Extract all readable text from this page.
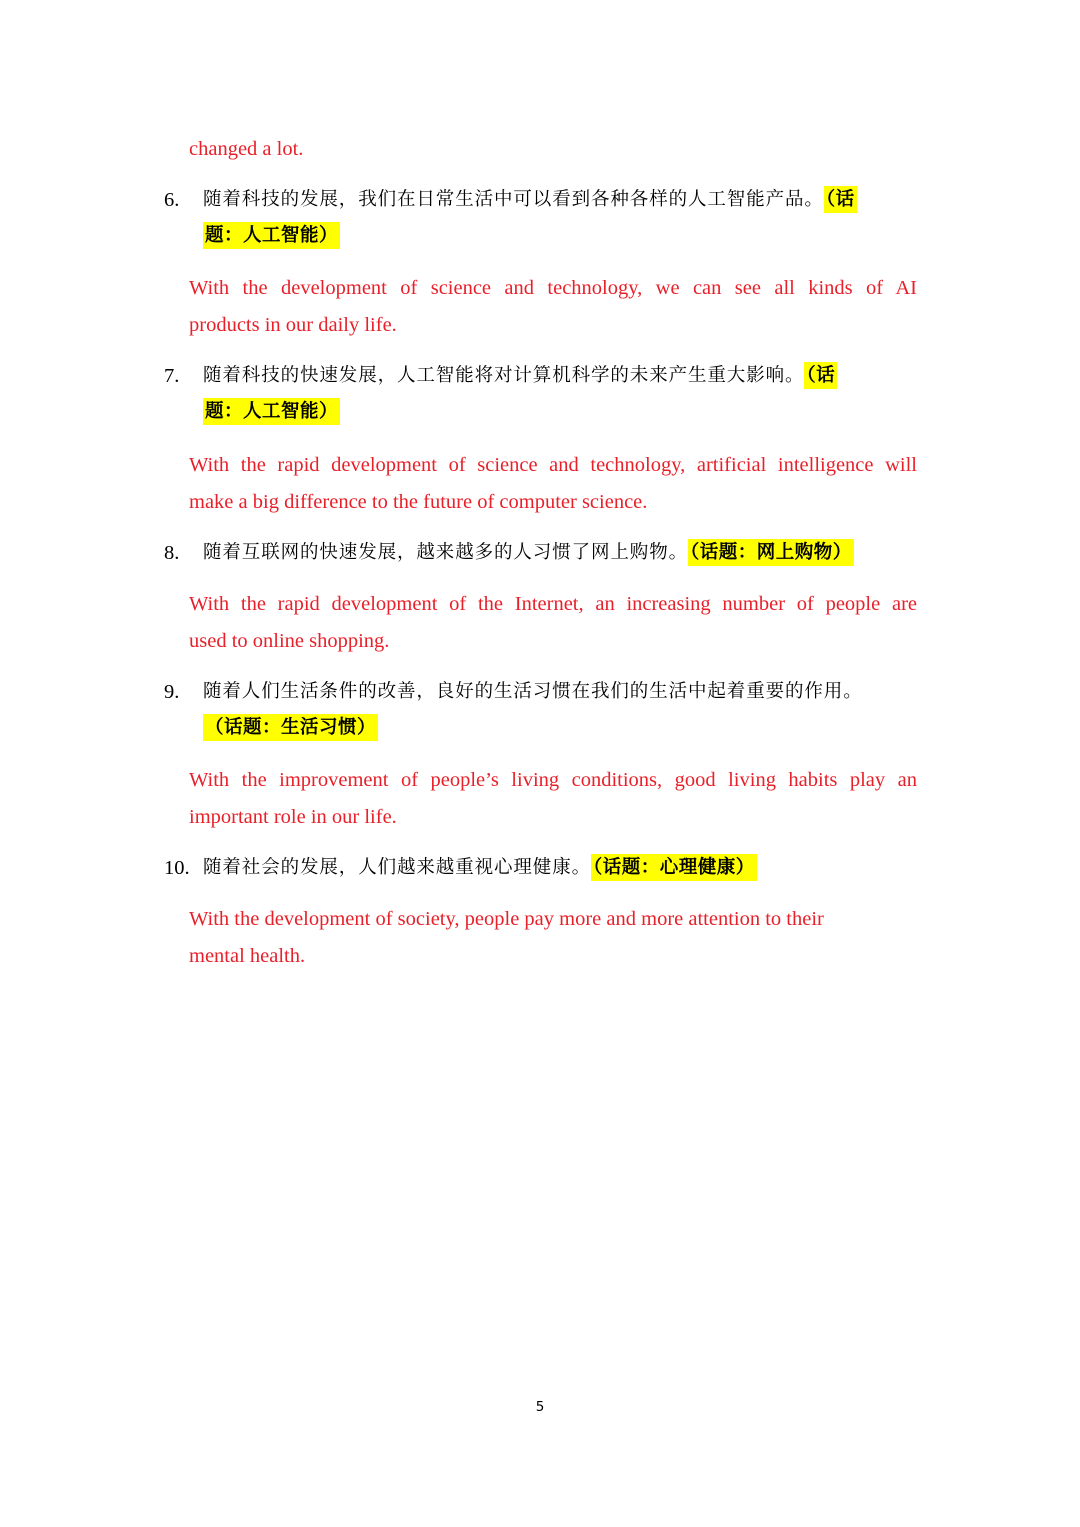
changed a lot.

6. 随着科技的发展，我们在日常生活中可以看到各种各样的人工智能产品。 （话
题：人工智能）

With the development of science and technology, we can see all kinds of AI
products in our daily life.

7. 随着科技的快速发展，人工智能将对计算机科学的未来产生重大影响。 （话
题：人工智能）

With the rapid development of science and technology, artificial intelligence will
make a big difference to the future of computer science.

8. 随着互联网的快速发展，越来越多的人习惯了网上购物。 （话题：网上购物）

With the rapid development of the Internet, an increasing number of people are
used to online shopping.

9. 随着人们生活条件的改善，良好的生活习惯在我们的生活中起着重要的作用。
（话题：生活习惯）

With the improvement of people’s living conditions, good living habits play an
important role in our life.

10. 随着社会的发展，人们越来越重视心理健康。 （话题：心理健康）

With the development of society, people pay more and more attention to their
mental health.

5
